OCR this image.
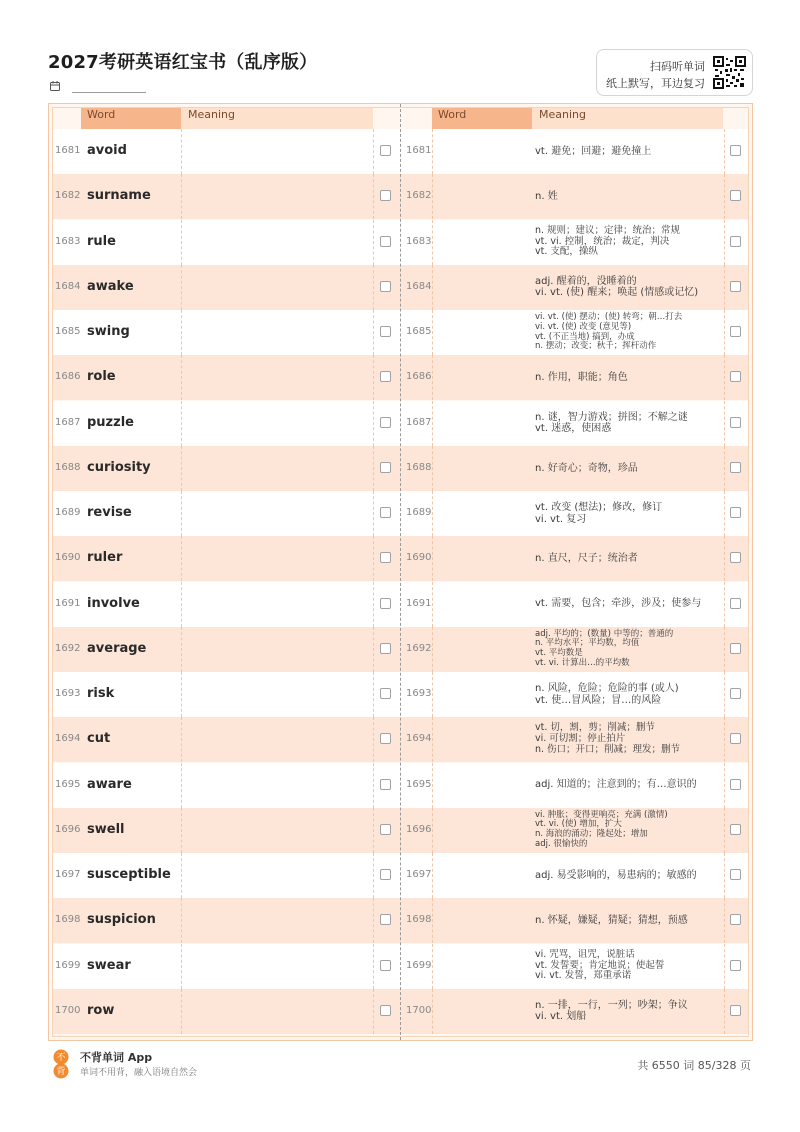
2027考研英语红宝书（乱序版）	扫码听单词
纸上默写，耳边复习
Word	Meaning	Word	Meaning
1681 avoid	1681	vt. 避免；回避；避免撞上
1682 surname	1682	n. 姓
1683 rule	1683
n. 规则；建议；定律；统治；常规
vt. vi. 控制，统治；裁定，判决
vt. 支配，操纵
1684 awake	1684	adj. 醒着的，没睡着的
vi. vt. (使) 醒来；唤起 (情感或记忆)
1685 swing	1685
vi. vt. (使) 摆动；(使) 转弯；朝…打去
vi. vt. (使) 改变 (意见等)
vt. (不正当地) 搞到，办成
n. 摆动；改变；秋千；挥杆动作
1686 role	1686	n. 作用，职能；角色
1687 puzzle	1687	n. 谜，智力游戏；拼图；不解之谜
vt. 迷惑，使困惑
1688 curiosity	1688	n. 好奇心；奇物，珍品
1689 revise	1689	vt. 改变 (想法)；修改，修订
vi. vt. 复习
1690 ruler	1690	n. 直尺，尺子；统治者
1691 involve	1691	vt. 需要，包含；牵涉，涉及；使参与
1692 average	1692
adj. 平均的；(数量) 中等的；普通的
n. 平均水平；平均数，均值
vt. 平均数是
vt. vi. 计算出…的平均数
1693 risk	1693	n. 风险，危险；危险的事 (或人)
vt. 使…冒风险；冒…的风险
1694 cut	1694
vt. 切，割，剪；削减；删节
vi. 可切割；停止拍片
n. 伤口；开口；削减；理发；删节
1695 aware	1695	adj. 知道的；注意到的；有…意识的
1696 swell	1696
vi. 肿胀；变得更响亮；充满 (激情)
vt. vi. (使) 增加，扩大
n. 海浪的涌动；隆起处；增加
adj. 很愉快的
1697 susceptible	1697	adj. 易受影响的，易患病的；敏感的
1698 suspicion	1698	n. 怀疑，嫌疑，猜疑；猜想，预感
1699 swear	1699
vi. 咒骂，诅咒，说脏话
vt. 发誓要；肯定地说；使起誓
vi. vt. 发誓，郑重承诺
1700 row	1700	n. 一排，一行，一列；吵架；争议
vi. vt. 划船
不
背
不背单词 App
单词不用背，融入语境自然会
共 6550 词 85/328 页
